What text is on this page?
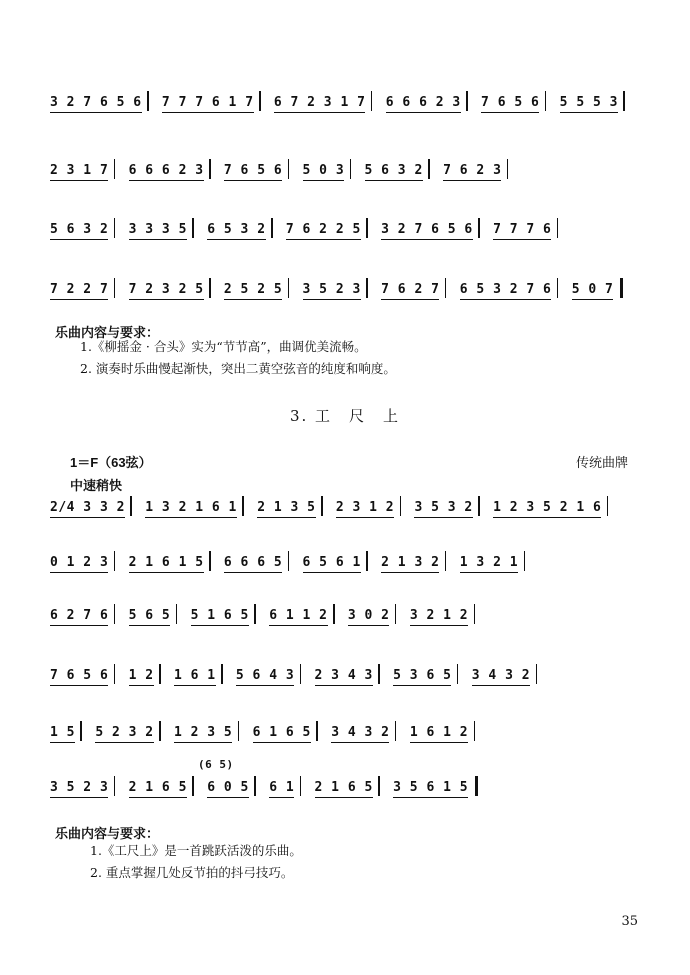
3 2 7 6 5 6 7 7 7 6 1 7 6 7 2 3 1 7 6 6 6 2 3 7 6 5 6 5 5 5 3
2 3 1 7 6 6 6 2 3 7 6 5 6 5 0 3 5 6 3 2 7 6 2 3
5 6 3 2 3 3 3 5 6 5 3 2 7 6 2 2 5 3 2 7 6 5 6 7 7 7 6
7 2 2 7 7 2 3 2 5 2 5 2 5 3 5 2 3 7 6 2 7 6 5 3 2 7 6 5 0 7
乐曲内容与要求：
1.《柳摇金 · 合头》实为“节节高”，曲调优美流畅。
2. 演奏时乐曲慢起渐快，突出二黄空弦音的纯度和响度。
3. 工　尺　上
1＝F（63弦）	传统曲牌
中速稍快
2/4 3 3 2 1 3 2 1 6 1 2 1 3 5 2 3 1 2 3 5 3 2 1 2 3 5 2 1 6
0 1 2 3 2 1 6 1 5 6 6 6 5 6 5 6 1 2 1 3 2 1 3 2 1
6 2 7 6 5 6 5 5 1 6 5 6 1 1 2 3 0 2 3 2 1 2
7 6 5 6 1 2 1 6 1 5 6 4 3 2 3 4 3 5 3 6 5 3 4 3 2
1 5 5 2 3 2 1 2 3 5 6 1 6 5 3 4 3 2 1 6 1 2
(6 5)
3 5 2 3 2 1 6 5 6 0 5 6 1 2 1 6 5 3 5 6 1 5
乐曲内容与要求：
1.《工尺上》是一首跳跃活泼的乐曲。
2. 重点掌握几处反节拍的抖弓技巧。
35
